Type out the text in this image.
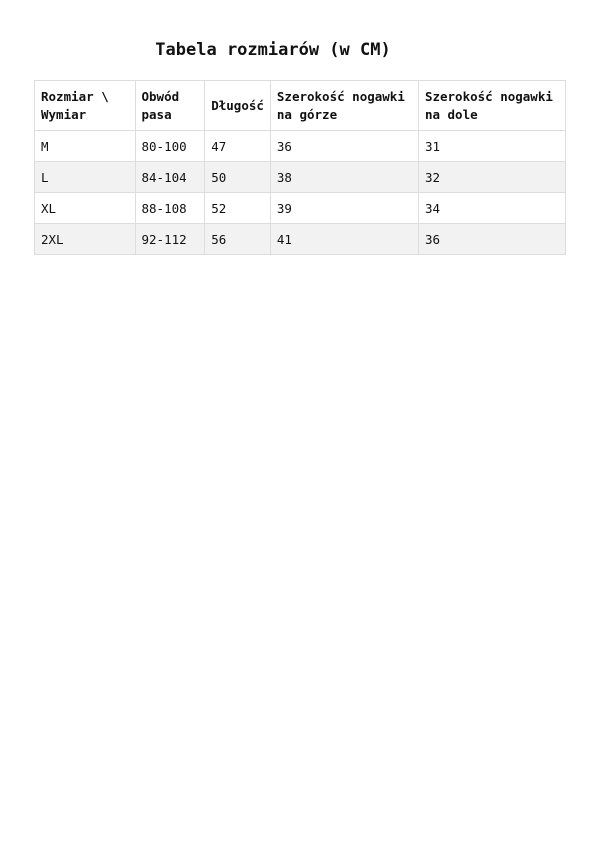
Tabela rozmiarów (w CM)
Rozmiar \ Wymiar	Obwód pasa	Długość	Szerokość nogawki na górze	Szerokość nogawki na dole
M	80-100	47	36	31
L	84-104	50	38	32
XL	88-108	52	39	34
2XL	92-112	56	41	36
